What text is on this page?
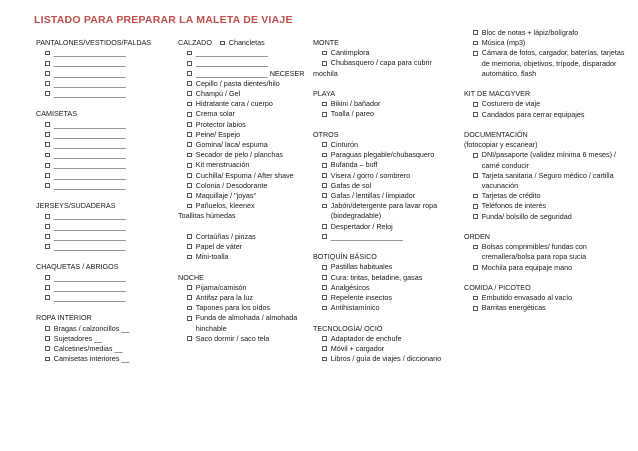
LISTADO PARA PREPARAR LA MALETA DE VIAJE
PANTALONES/VESTIDOS/FALDAS
__________________
__________________
__________________
__________________
__________________
CAMISETAS
__________________
__________________
__________________
__________________
__________________
__________________
__________________
JERSEYS/SUDADERAS
__________________
__________________
__________________
__________________
CHAQUETAS / ABRIGOS
__________________
__________________
__________________
ROPA INTERIOR
Bragas / calzoncillos __
Sujetadores __
Calcetines/medias __
Camisetas interiores __
CALZADO Chancletas
__________________
__________________
__________________ NECESER
Cepillo / pasta dientes/hilo
Champú / Gel
Hidratante cara / cuerpo
Crema solar
Protector labios
Peine/ Espejo
Gomina/ laca/ espuma
Secador de pelo / planchas
Kit menstruación
Cuchilla/ Espuma / After shave
Colonia / Desodorante
Maquillaje / "joyas"
Pañuelos, kleenex
Toallitas húmedas
Cortaúñas / pinzas
Papel de váter
Mini-toalla
NOCHE
Pijama/camisón
Antifaz para la luz
Tapones para los oídos
Funda de almohada / almohada hinchable
Saco dormir / saco tela
MONTE
Cantimplora
Chubasquero / capa para cubrir
mochila
PLAYA
Bikini / bañador
Toalla / pareo
OTROS
Cinturón
Paraguas plegable/chubasquero
Bufanda – buff
Visera / gorro / sombrero
Gafas de sol
Gafas / lentillas / limpiador
Jabón/detergente para lavar ropa (biodegradable)
Despertador / Reloj
__________________
BOTIQUÍN BÁSICO
Pastillas habituales
Cura: tiritas, betadine, gasas
Analgésicos
Repelente insectos
Antihistamínico
TECNOLOGÍA/ OCIO
Adaptador de enchufe
Móvil + cargador
Libros / guía de viajes / diccionario
Bloc de notas + lápiz/bolígrafo
Música (mp3)
Cámara de fotos, cargador, baterías, tarjetas de memoria, objetivos, trípode, disparador automático, flash
KIT DE MACGYVER
Costurero de viaje
Candados para cerrar equipajes
DOCUMENTACIÓN
(fotocopiar y escanear)
DNI/pasaporte (validez mínima 6 meses) / carné conducir
Tarjeta sanitaria / Seguro médico / cartilla vacunación
Tarjetas de crédito
Teléfonos de interés
Funda/ bolsillo de seguridad
ORDEN
Bolsas comprimibles/ fundas con cremallera/bolsa para ropa sucia
Mochila para equipaje mano
COMIDA / PICOTEO
Embutido envasado al vacío
Barritas energéticas
